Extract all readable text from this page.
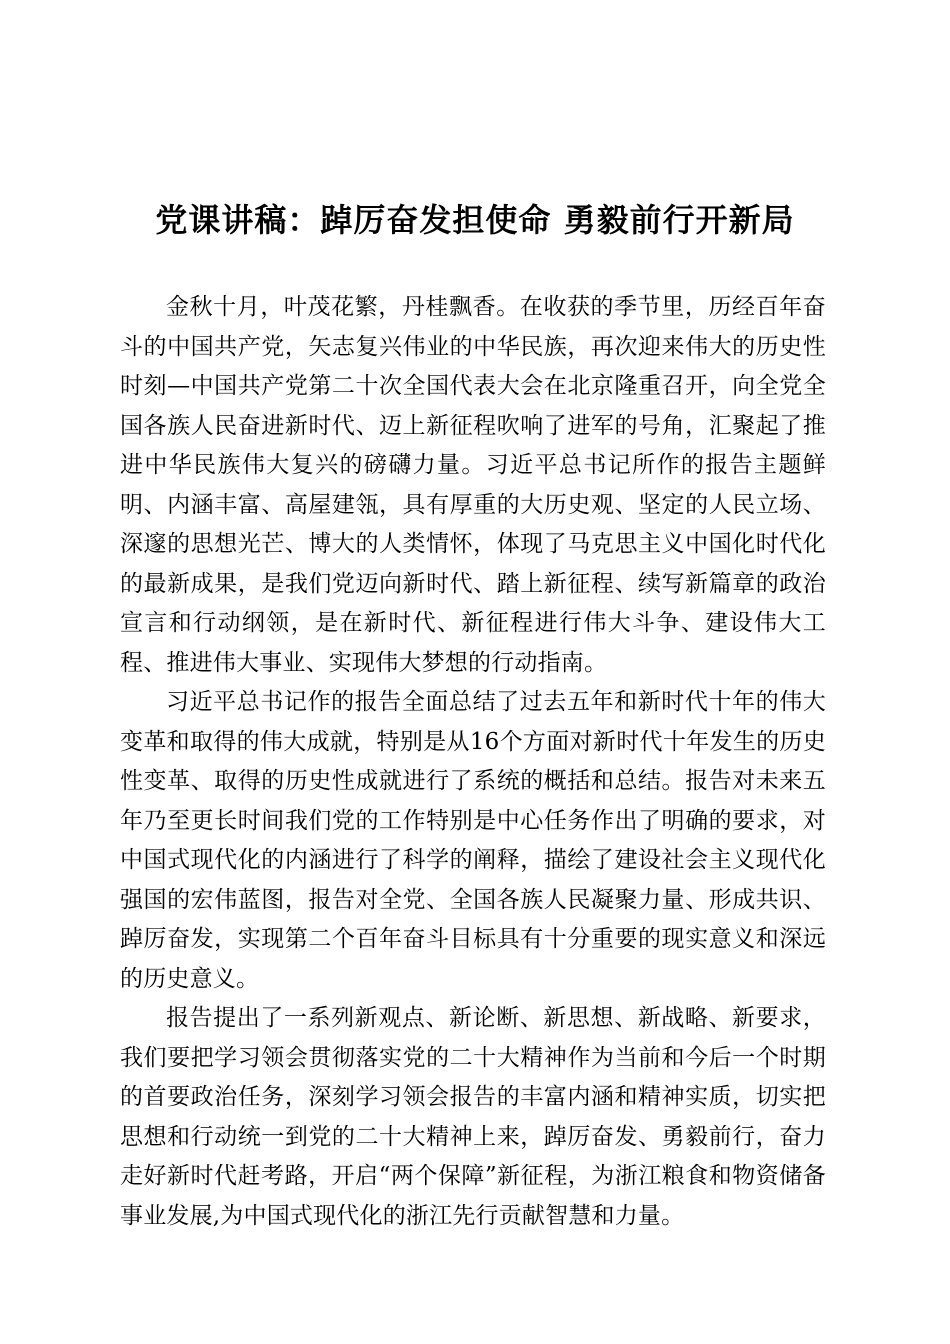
党课讲稿：踔厉奋发担使命 勇毅前行开新局

金秋十月，叶茂花繁，丹桂飘香。在收获的季节里，历经百年奋斗的中国共产党，矢志复兴伟业的中华民族，再次迎来伟大的历史性时刻—中国共产党第二十次全国代表大会在北京隆重召开，向全党全国各族人民奋进新时代、迈上新征程吹响了进军的号角，汇聚起了推进中华民族伟大复兴的磅礴力量。习近平总书记所作的报告主题鲜明、内涵丰富、高屋建瓴，具有厚重的大历史观、坚定的人民立场、深邃的思想光芒、博大的人类情怀，体现了马克思主义中国化时代化的最新成果，是我们党迈向新时代、踏上新征程、续写新篇章的政治宣言和行动纲领，是在新时代、新征程进行伟大斗争、建设伟大工程、推进伟大事业、实现伟大梦想的行动指南。

习近平总书记作的报告全面总结了过去五年和新时代十年的伟大变革和取得的伟大成就，特别是从16个方面对新时代十年发生的历史性变革、取得的历史性成就进行了系统的概括和总结。报告对未来五年乃至更长时间我们党的工作特别是中心任务作出了明确的要求，对中国式现代化的内涵进行了科学的阐释，描绘了建设社会主义现代化强国的宏伟蓝图，报告对全党、全国各族人民凝聚力量、形成共识、踔厉奋发，实现第二个百年奋斗目标具有十分重要的现实意义和深远的历史意义。

报告提出了一系列新观点、新论断、新思想、新战略、新要求，我们要把学习领会贯彻落实党的二十大精神作为当前和今后一个时期的首要政治任务，深刻学习领会报告的丰富内涵和精神实质，切实把思想和行动统一到党的二十大精神上来，踔厉奋发、勇毅前行，奋力走好新时代赶考路，开启“两个保障”新征程，为浙江粮食和物资储备事业发展,为中国式现代化的浙江先行贡献智慧和力量。
